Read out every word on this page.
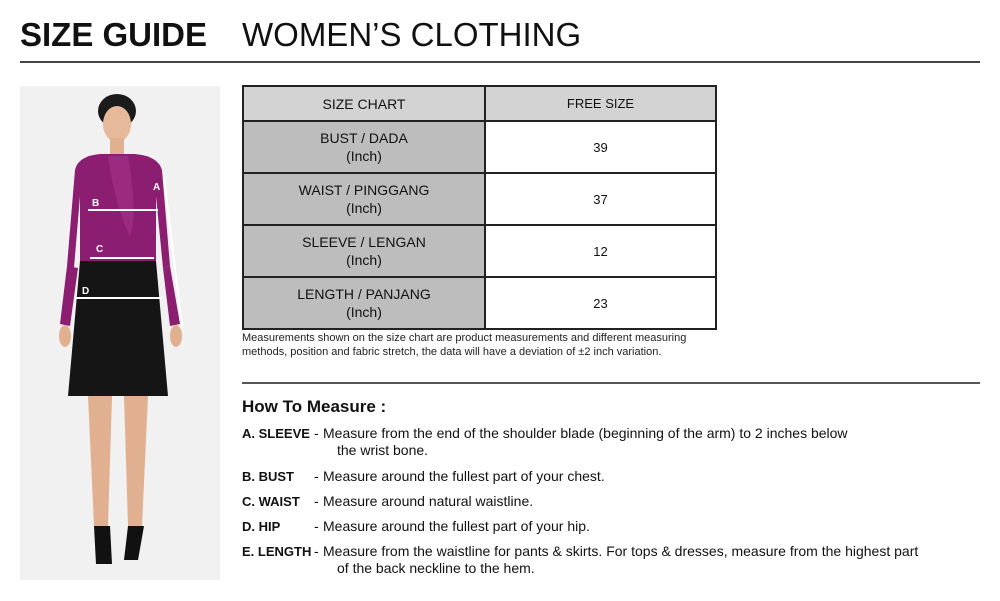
SIZE GUIDE WOMEN’S CLOTHING
A
B
C
D
SIZE CHART	FREE SIZE
BUST / DADA
(Inch)	39
WAIST / PINGGANG
(Inch)	37
SLEEVE / LENGAN
(Inch)	12
LENGTH / PANJANG
(Inch)	23
Measurements shown on the size chart are product measurements and different measuring
methods, position and fabric stretch, the data will have a deviation of ±2 inch variation.
How To Measure :
A. SLEEVE - Measure from the end of the shoulder blade (beginning of the arm) to 2 inches below
the wrist bone.
B. BUST	- Measure around the fullest part of your chest.
C. WAIST	- Measure around natural waistline.
D. HIP	- Measure around the fullest part of your hip.
E. LENGTH - Measure from the waistline for pants & skirts. For tops & dresses, measure from the highest part
of the back neckline to the hem.
